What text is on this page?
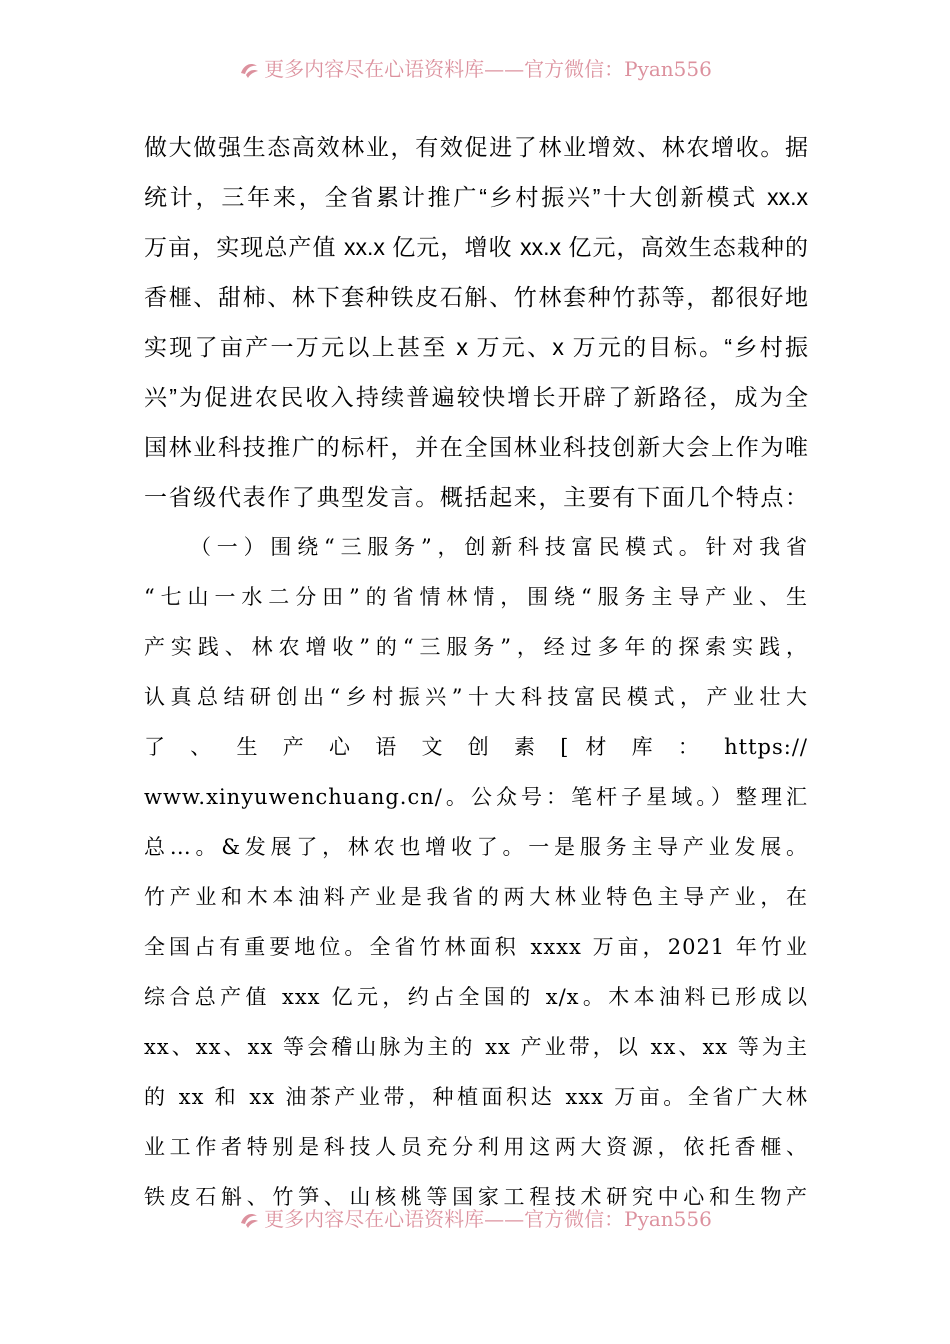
更多内容尽在心语资料库——官方微信：Pyan556
做大做强生态高效林业，有效促进了林业增效、林农增收。据
统计，三年来，全省累计推广“乡村振兴”十大创新模式 xx.x
万亩，实现总产值 xx.x 亿元，增收 xx.x 亿元，高效生态栽种的
香榧、甜柿、林下套种铁皮石斛、竹林套种竹荪等，都很好地
实现了亩产一万元以上甚至 x 万元、x 万元的目标。“乡村振
兴”为促进农民收入持续普遍较快增长开辟了新路径，成为全
国林业科技推广的标杆，并在全国林业科技创新大会上作为唯
一省级代表作了典型发言。概括起来，主要有下面几个特点：
（一）围绕“三服务”，创新科技富民模式。针对我省
“七山一水二分田”的省情林情，围绕“服务主导产业、生
产实践、林农增收”的“三服务”，经过多年的探索实践，
认真总结研创出“乡村振兴”十大科技富民模式，产业壮大
了 、 生 产 心 语 文 创 素 [ 材 库 ： https://
www.xinyuwenchuang.cn/。公众号：笔杆子星域。）整理汇
总…。&发展了，林农也增收了。一是服务主导产业发展。
竹产业和木本油料产业是我省的两大林业特色主导产业，在
全国占有重要地位。全省竹林面积 xxxx 万亩，2021 年竹业
综合总产值 xxx 亿元，约占全国的 x/x。木本油料已形成以
xx、xx、xx 等会稽山脉为主的 xx 产业带，以 xx、xx 等为主
的 xx 和 xx 油茶产业带，种植面积达 xxx 万亩。全省广大林
业工作者特别是科技人员充分利用这两大资源，依托香榧、
铁皮石斛、竹笋、山核桃等国家工程技术研究中心和生物产
更多内容尽在心语资料库——官方微信：Pyan556
